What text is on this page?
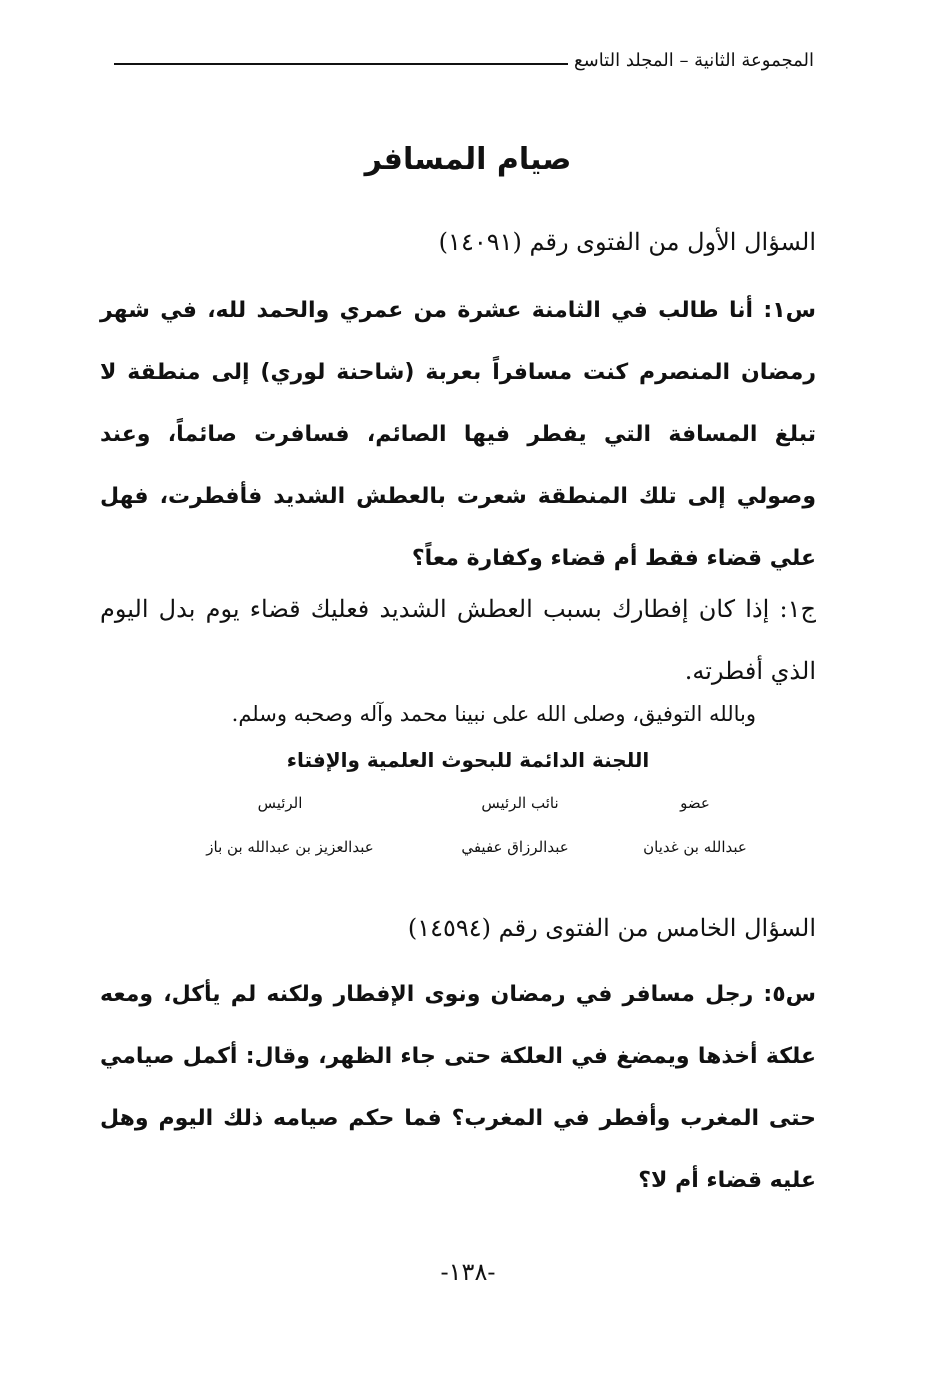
المجموعة الثانية – المجلد التاسع
صيام المسافر
السؤال الأول من الفتوى رقم (١٤٠٩١)
س١: أنا طالب في الثامنة عشرة من عمري والحمد لله، في شهر رمضان المنصرم كنت مسافراً بعربة (شاحنة لوري) إلى منطقة لا تبلغ المسافة التي يفطر فيها الصائم، فسافرت صائماً، وعند وصولي إلى تلك المنطقة شعرت بالعطش الشديد فأفطرت، فهل علي قضاء فقط أم قضاء وكفارة معاً؟
ج١: إذا كان إفطارك بسبب العطش الشديد فعليك قضاء يوم بدل اليوم الذي أفطرته.
وبالله التوفيق، وصلى الله على نبينا محمد وآله وصحبه وسلم.
اللجنة الدائمة للبحوث العلمية والإفتاء
عضو
عبدالله بن غديان
نائب الرئيس
عبدالرزاق عفيفي
الرئيس
عبدالعزيز بن عبدالله بن باز
السؤال الخامس من الفتوى رقم (١٤٥٩٤)
س٥: رجل مسافر في رمضان ونوى الإفطار ولكنه لم يأكل، ومعه علكة أخذها ويمضغ في العلكة حتى جاء الظهر، وقال: أكمل صيامي حتى المغرب وأفطر في المغرب؟ فما حكم صيامه ذلك اليوم وهل عليه قضاء أم لا؟
-١٣٨-
